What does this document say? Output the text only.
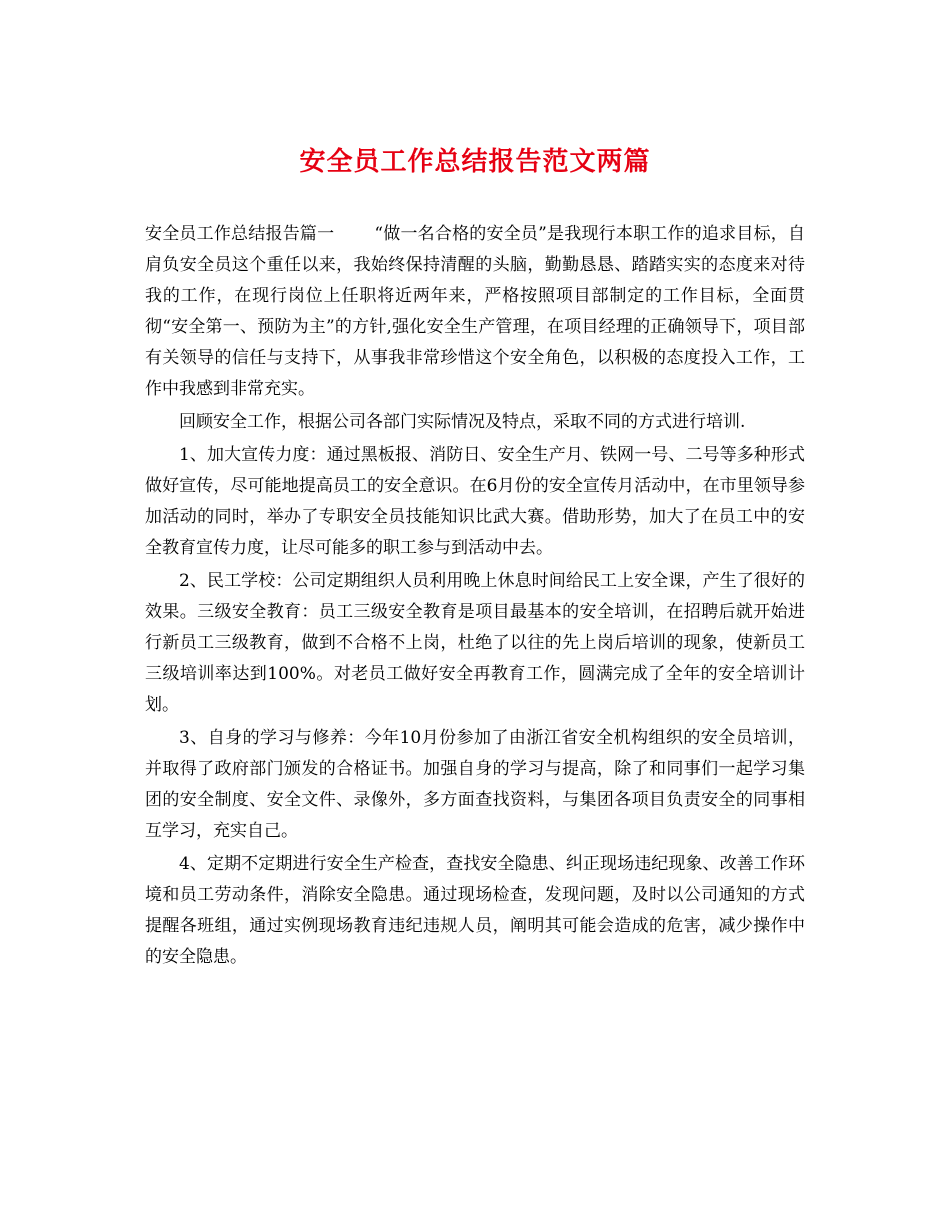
安全员工作总结报告范文两篇

安全员工作总结报告篇一 “做一名合格的安全员”是我现行本职工作的追求目标，自肩负安全员这个重任以来，我始终保持清醒的头脑，勤勤恳恳、踏踏实实的态度来对待我的工作，在现行岗位上任职将近两年来，严格按照项目部制定的工作目标，全面贯彻“安全第一、预防为主”的方针,强化安全生产管理，在项目经理的正确领导下，项目部有关领导的信任与支持下，从事我非常珍惜这个安全角色，以积极的态度投入工作，工作中我感到非常充实。

回顾安全工作，根据公司各部门实际情况及特点，采取不同的方式进行培训.

1、加大宣传力度：通过黑板报、消防日、安全生产月、铁网一号、二号等多种形式做好宣传，尽可能地提高员工的安全意识。在6月份的安全宣传月活动中，在市里领导参加活动的同时，举办了专职安全员技能知识比武大赛。借助形势，加大了在员工中的安全教育宣传力度，让尽可能多的职工参与到活动中去。

2、民工学校：公司定期组织人员利用晚上休息时间给民工上安全课，产生了很好的效果。三级安全教育：员工三级安全教育是项目最基本的安全培训，在招聘后就开始进行新员工三级教育，做到不合格不上岗，杜绝了以往的先上岗后培训的现象，使新员工三级培训率达到100%。对老员工做好安全再教育工作，圆满完成了全年的安全培训计划。

3、自身的学习与修养：今年10月份参加了由浙江省安全机构组织的安全员培训，并取得了政府部门颁发的合格证书。加强自身的学习与提高，除了和同事们一起学习集团的安全制度、安全文件、录像外，多方面查找资料，与集团各项目负责安全的同事相互学习，充实自己。

4、定期不定期进行安全生产检查，查找安全隐患、纠正现场违纪现象、改善工作环境和员工劳动条件，消除安全隐患。通过现场检查，发现问题，及时以公司通知的方式提醒各班组，通过实例现场教育违纪违规人员，阐明其可能会造成的危害，减少操作中的安全隐患。
